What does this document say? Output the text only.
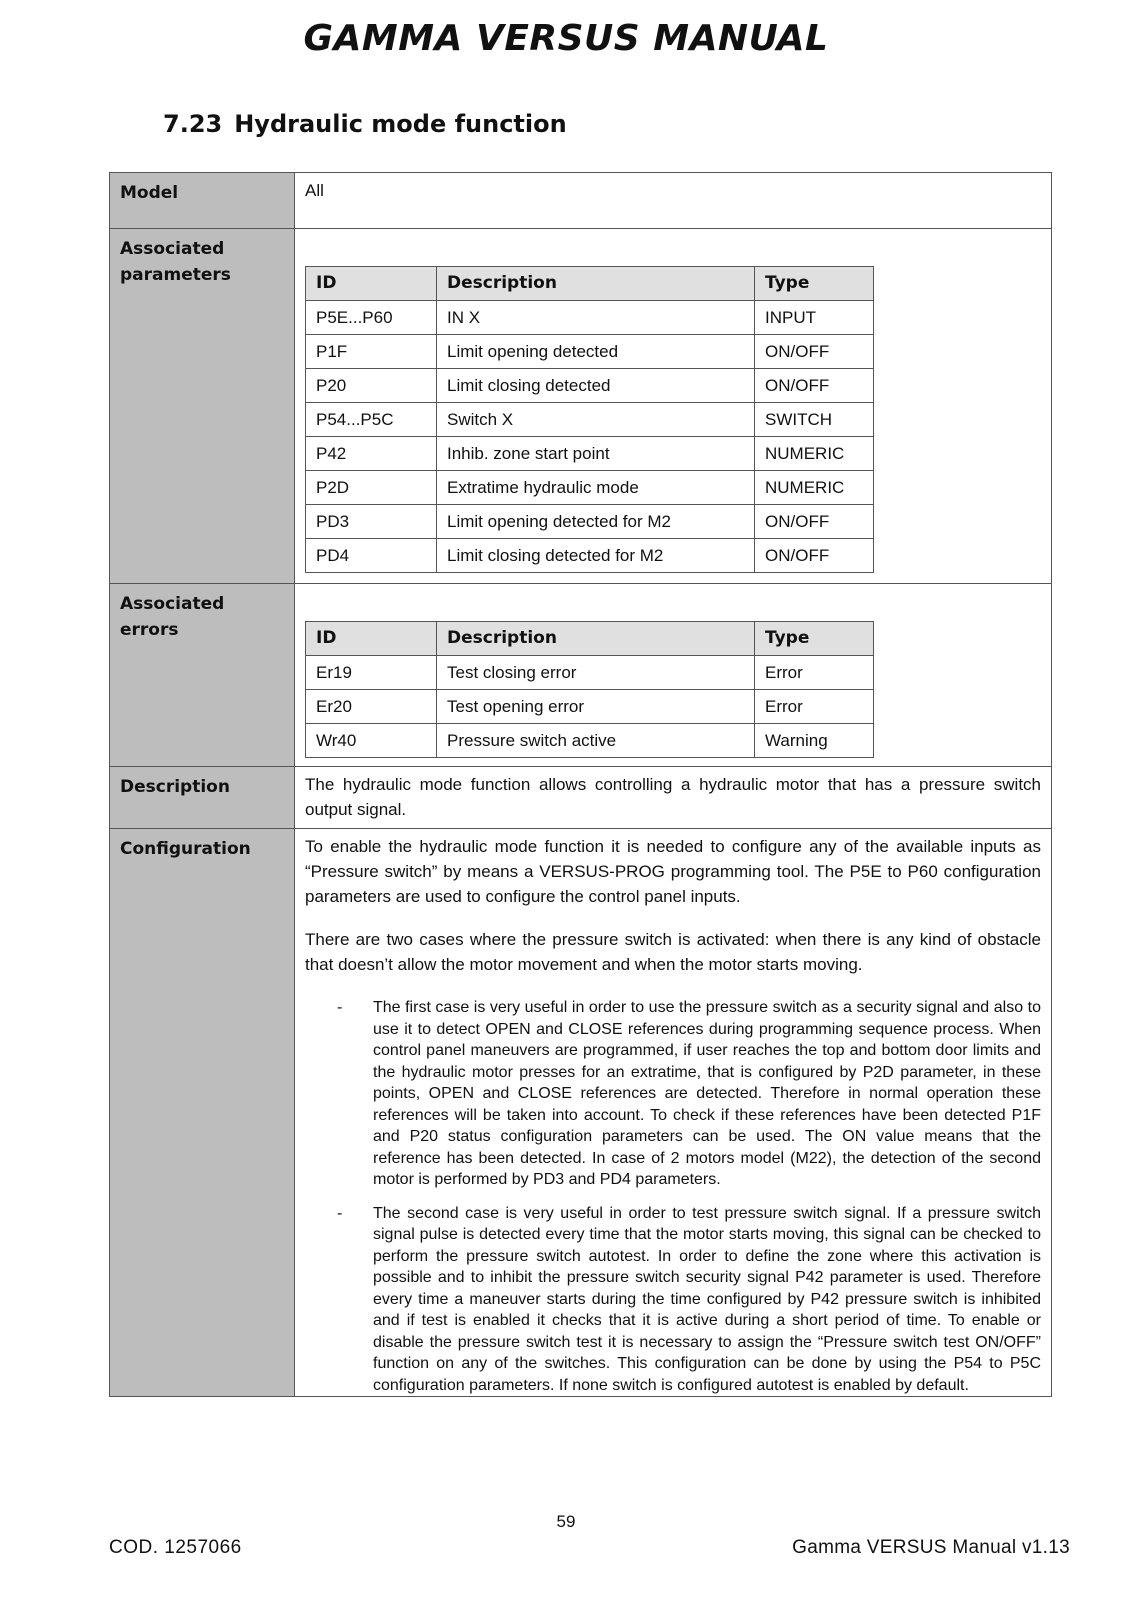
GAMMA VERSUS MANUAL
7.23 Hydraulic mode function
Model	All
Associated parameters		ID	Description	Type
P5E...P60	IN X	INPUT
P1F	Limit opening detected	ON/OFF
P20	Limit closing detected	ON/OFF
P54...P5C	Switch X	SWITCH
P42	Inhib. zone start point	NUMERIC
P2D	Extratime hydraulic mode	NUMERIC
PD3	Limit opening detected for M2	ON/OFF
PD4	Limit closing detected for M2	ON/OFF

Associated errors		ID	Description	Type
Er19	Test closing error	Error
Er20	Test opening error	Error
Wr40	Pressure switch active	Warning

Description	The hydraulic mode function allows controlling a hydraulic motor that has a pressure switch output signal.

Configuration	To enable the hydraulic mode function it is needed to configure any of the available inputs as “Pressure switch” by means a VERSUS-PROG programming tool. The P5E to P60 configuration parameters are used to configure the control panel inputs.

There are two cases where the pressure switch is activated: when there is any kind of obstacle that doesn’t allow the motor movement and when the motor starts moving.

- The first case is very useful in order to use the pressure switch as a security signal and also to use it to detect OPEN and CLOSE references during programming sequence process. When control panel maneuvers are programmed, if user reaches the top and bottom door limits and the hydraulic motor presses for an extratime, that is configured by P2D parameter, in these points, OPEN and CLOSE references are detected. Therefore in normal operation these references will be taken into account. To check if these references have been detected P1F and P20 status configuration parameters can be used. The ON value means that the reference has been detected. In case of 2 motors model (M22), the detection of the second motor is performed by PD3 and PD4 parameters.
- The second case is very useful in order to test pressure switch signal. If a pressure switch signal pulse is detected every time that the motor starts moving, this signal can be checked to perform the pressure switch autotest. In order to define the zone where this activation is possible and to inhibit the pressure switch security signal P42 parameter is used. Therefore every time a maneuver starts during the time configured by P42 pressure switch is inhibited and if test is enabled it checks that it is active during a short period of time. To enable or disable the pressure switch test it is necessary to assign the “Pressure switch test ON/OFF” function on any of the switches. This configuration can be done by using the P54 to P5C configuration parameters. If none switch is configured autotest is enabled by default.
59
COD. 1257066	Gamma VERSUS Manual v1.13
